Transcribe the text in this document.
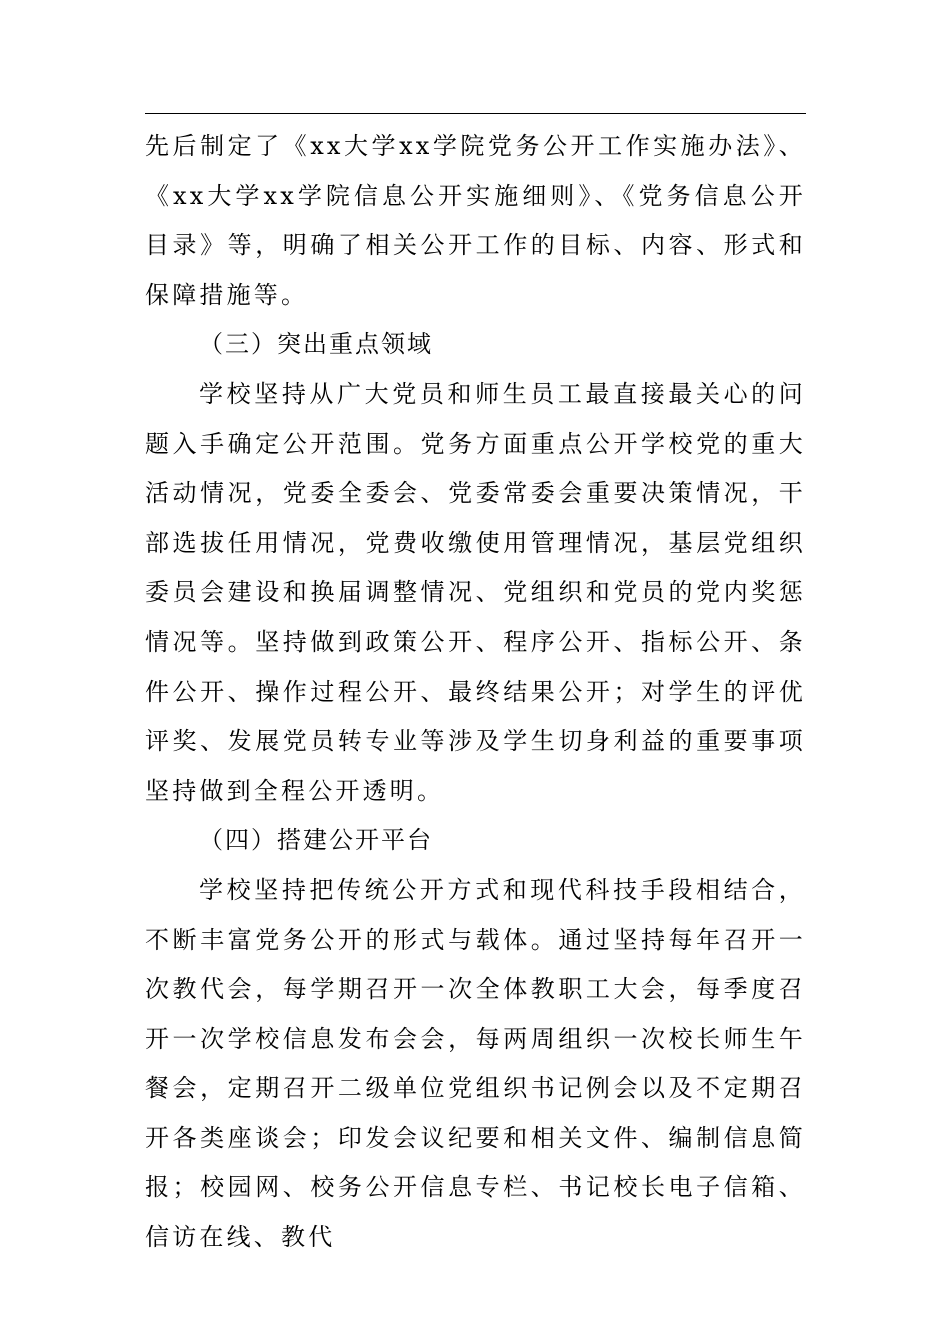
先后制定了《xx大学xx学院党务公开工作实施办法》、《xx大学xx学院信息公开实施细则》、《党务信息公开目录》等，明确了相关公开工作的目标、内容、形式和保障措施等。

（三）突出重点领域

学校坚持从广大党员和师生员工最直接最关心的问题入手确定公开范围。党务方面重点公开学校党的重大活动情况，党委全委会、党委常委会重要决策情况，干部选拔任用情况，党费收缴使用管理情况，基层党组织委员会建设和换届调整情况、党组织和党员的党内奖惩情况等。坚持做到政策公开、程序公开、指标公开、条件公开、操作过程公开、最终结果公开；对学生的评优评奖、发展党员转专业等涉及学生切身利益的重要事项坚持做到全程公开透明。

（四）搭建公开平台

学校坚持把传统公开方式和现代科技手段相结合，不断丰富党务公开的形式与载体。通过坚持每年召开一次教代会，每学期召开一次全体教职工大会，每季度召开一次学校信息发布会会，每两周组织一次校长师生午餐会，定期召开二级单位党组织书记例会以及不定期召开各类座谈会；印发会议纪要和相关文件、编制信息简报；校园网、校务公开信息专栏、书记校长电子信箱、信访在线、教代
